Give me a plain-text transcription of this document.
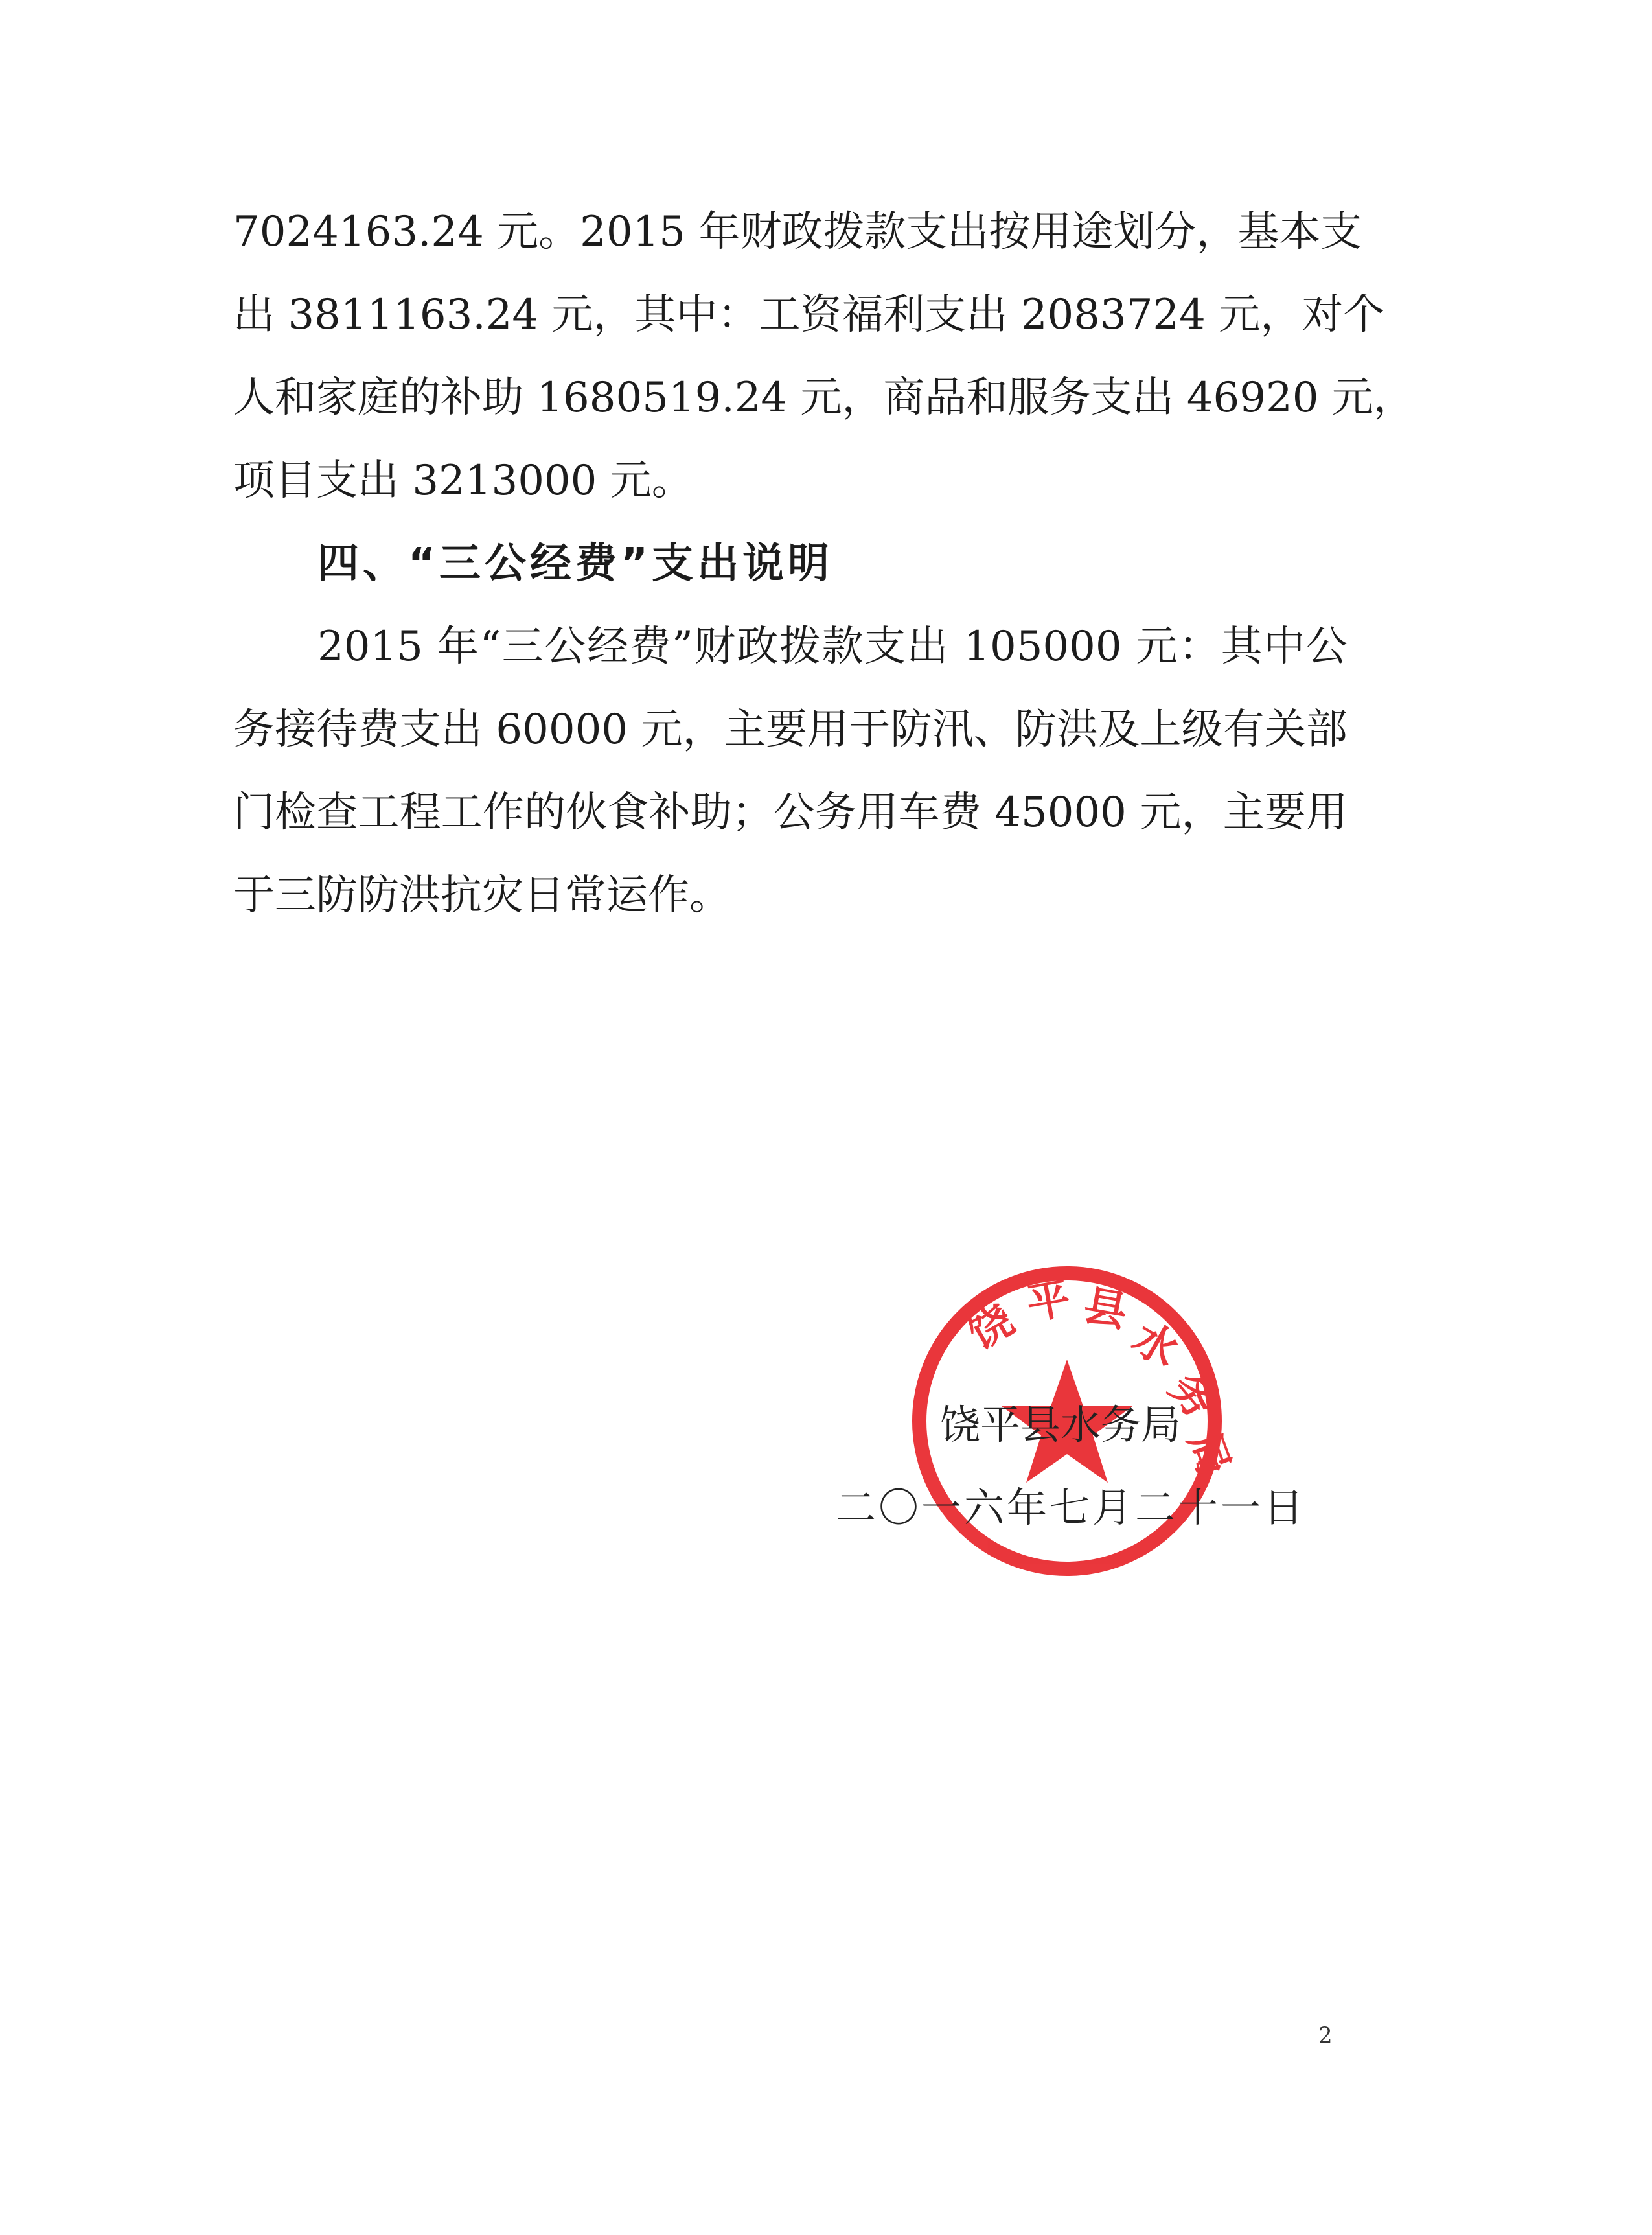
7024163.24 元。2015 年财政拨款支出按用途划分，基本支
出 3811163.24 元，其中：工资福利支出 2083724 元，对个
人和家庭的补助 1680519.24 元，商品和服务支出 46920 元，
项目支出 3213000 元。
四、“三公经费”支出说明
2015 年“三公经费”财政拨款支出 105000 元：其中公
务接待费支出 60000 元，主要用于防汛、防洪及上级有关部
门检查工程工作的伙食补助；公务用车费 45000 元，主要用
于三防防洪抗灾日常运作。
饶 平 县
水
务
局
饶平县水务局
二〇一六年七月二十一日
2
